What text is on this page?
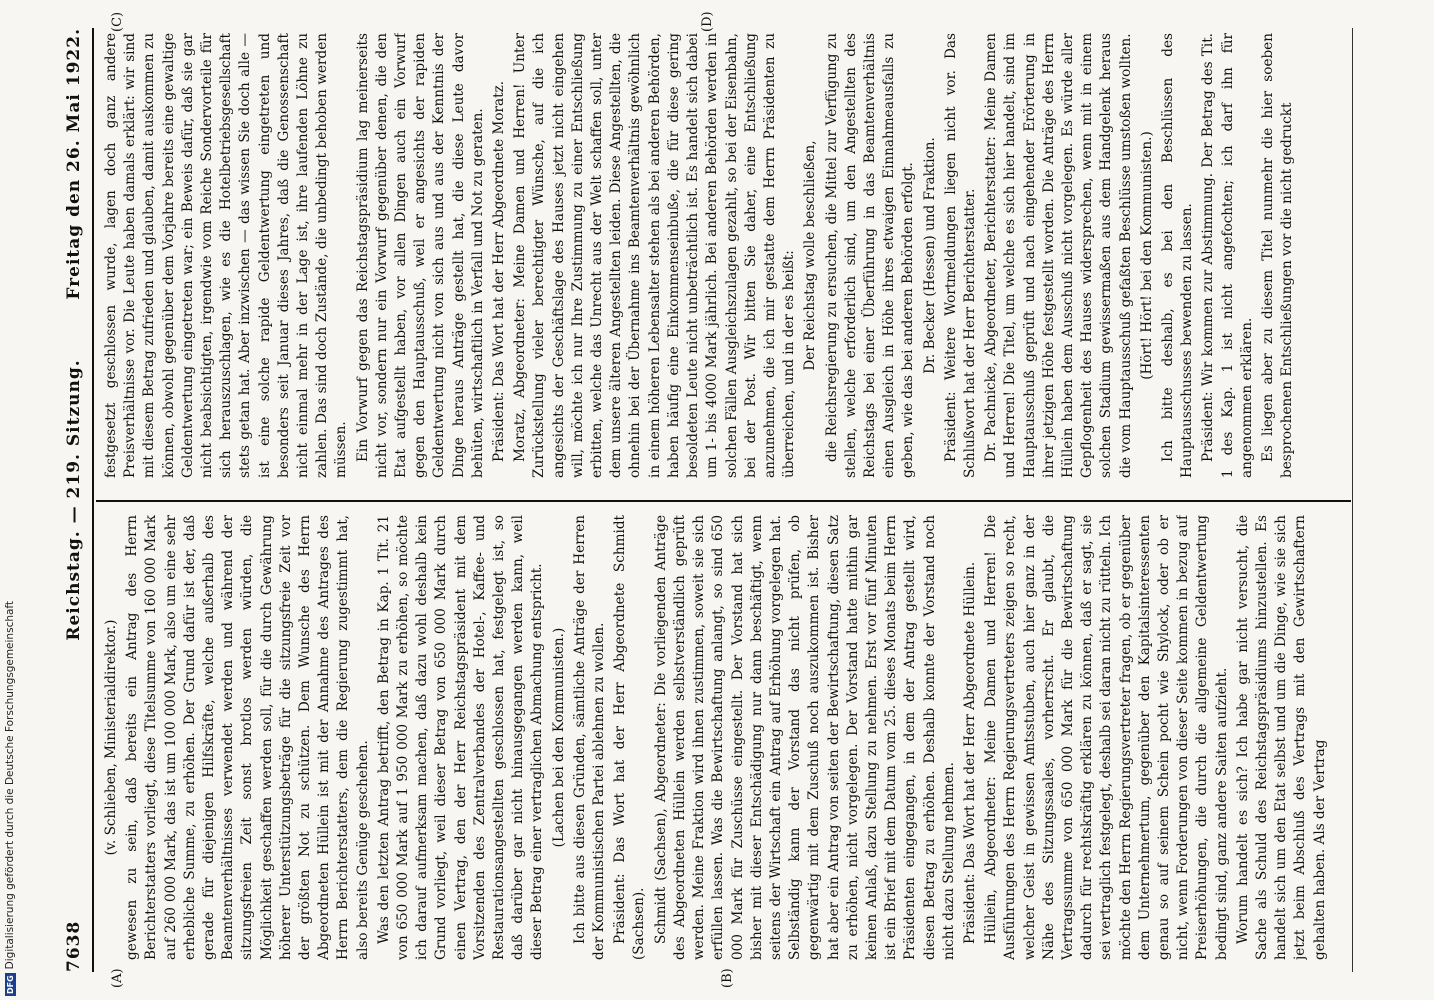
7638
Reichstag. — 219. Sitzung.
Freitag den 26. Mai 1922.
(A)	(B)
(C)	(D)

(v. Schlieben, Ministerialdirektor.) gewesen zu sein, daß bereits ein Antrag des Herrn Berichterstatters vorliegt, diese Titelsumme von 160 000 Mark auf 260 000 Mark, das ist um 100 000 Mark, also um eine sehr erhebliche Summe, zu erhöhen. Der Grund dafür ist der, daß gerade für diejenigen Hilfskräfte, welche außerhalb des Beamtenverhältnisses verwendet werden und während der sitzungsfreien Zeit sonst brotlos werden würden, die Möglichkeit geschaffen werden soll, für die durch Gewährung höherer Unterstützungsbeträge für die sitzungsfreie Zeit vor der größten Not zu schützen. Dem Wunsche des Herrn Abgeordneten Hüllein ist mit der Annahme des Antrages des Herrn Berichterstatters, dem die Regierung zugestimmt hat, also bereits Genüge geschehen. Was den letzten Antrag betrifft, den Betrag in Kap. 1 Tit. 21 von 650 000 Mark auf 1 950 000 Mark zu erhöhen, so möchte ich darauf aufmerksam machen, daß dazu wohl deshalb kein Grund vorliegt, weil dieser Betrag von 650 000 Mark durch einen Vertrag, den der Herr Reichstagspräsident mit dem Vorsitzenden des Zentralverbandes der Hotel-, Kaffee- und Restaurationsangestellten geschlossen hat, festgelegt ist, so daß darüber gar nicht hinausgegangen werden kann, weil dieser Betrag einer vertraglichen Abmachung entspricht. (Lachen bei den Kommunisten.) Ich bitte aus diesen Gründen, sämtliche Anträge der Herren der Kommunistischen Partei ablehnen zu wollen. Präsident: Das Wort hat der Herr Abgeordnete Schmidt (Sachsen). Schmidt (Sachsen), Abgeordneter: Die vorliegenden Anträge des Abgeordneten Hüllein werden selbstverständlich geprüft werden. Meine Fraktion wird ihnen zustimmen, soweit sie sich erfüllen lassen. Was die Bewirtschaftung anlangt, so sind 650 000 Mark für Zuschüsse eingestellt. Der Vorstand hat sich bisher mit dieser Entschädigung nur dann beschäftigt, wenn seitens der Wirtschaft ein Antrag auf Erhöhung vorgelegen hat. Selbständig kann der Vorstand das nicht prüfen, ob gegenwärtig mit dem Zuschuß noch auszukommen ist. Bisher hat aber ein Antrag von seiten der Bewirtschaftung, diesen Satz zu erhöhen, nicht vorgelegen. Der Vorstand hatte mithin gar keinen Anlaß, dazu Stellung zu nehmen. Erst vor fünf Minuten ist ein Brief mit dem Datum vom 25. dieses Monats beim Herrn Präsidenten eingegangen, in dem der Antrag gestellt wird, diesen Betrag zu erhöhen. Deshalb konnte der Vorstand noch nicht dazu Stellung nehmen. Präsident: Das Wort hat der Herr Abgeordnete Hüllein. Hüllein, Abgeordneter: Meine Damen und Herren! Die Ausführungen des Herrn Regierungsvertreters zeigen so recht, welcher Geist in gewissen Amtsstuben, auch hier ganz in der Nähe des Sitzungssaales, vorherrscht. Er glaubt, die Vertragssumme von 650 000 Mark für die Bewirtschaftung dadurch für rechtskräftig erklären zu können, daß er sagt, sie sei vertraglich festgelegt, deshalb sei daran nicht zu rütteln. Ich möchte den Herrn Regierungsvertreter fragen, ob er gegenüber dem Unternehmertum, gegenüber den Kapitalsinteressenten genau so auf seinem Schein pocht wie Shylock, oder ob er nicht, wenn Forderungen von dieser Seite kommen in bezug auf Preiserhöhungen, die durch die allgemeine Geldentwertung bedingt sind, ganz andere Saiten aufzieht. Worum handelt es sich? Ich habe gar nicht versucht, die Sache als Schuld des Reichstagspräsidiums hinzustellen. Es handelt sich um den Etat selbst und um die Dinge, wie sie sich jetzt beim Abschluß des Vertrags mit den Gewirtschaftern gehalten haben. Als der Vertrag

festgesetzt geschlossen wurde, lagen doch ganz andere Preisverhältnisse vor. Die Leute haben damals erklärt: wir sind mit diesem Betrag zufrieden und glauben, damit auskommen zu können, obwohl gegenüber dem Vorjahre bereits eine gewaltige Geldentwertung eingetreten war; ein Beweis dafür, daß sie gar nicht beabsichtigten, irgendwie vom Reiche Sondervorteile für sich herauszuschlagen, wie es die Hotelbetriebsgesellschaft stets getan hat. Aber inzwischen — das wissen Sie doch alle — ist eine solche rapide Geldentwertung eingetreten und besonders seit Januar dieses Jahres, daß die Genossenschaft nicht einmal mehr in der Lage ist, ihre laufenden Löhne zu zahlen. Das sind doch Zustände, die unbedingt behoben werden müssen. Ein Vorwurf gegen das Reichstagspräsidium lag meinerseits nicht vor, sondern nur ein Vorwurf gegenüber denen, die den Etat aufgestellt haben, vor allen Dingen auch ein Vorwurf gegen den Hauptausschuß, weil er angesichts der rapiden Geldentwertung nicht von sich aus und aus der Kenntnis der Dinge heraus Anträge gestellt hat, die diese Leute davor behüten, wirtschaftlich in Verfall und Not zu geraten. Präsident: Das Wort hat der Herr Abgeordnete Moratz. Moratz, Abgeordneter: Meine Damen und Herren! Unter Zurückstellung vieler berechtigter Wünsche, auf die ich angesichts der Geschäftslage des Hauses jetzt nicht eingehen will, möchte ich nur Ihre Zustimmung zu einer Entschließung erbitten, welche das Unrecht aus der Welt schaffen soll, unter dem unsere älteren Angestellten leiden. Diese Angestellten, die ohnehin bei der Übernahme ins Beamtenverhältnis gewöhnlich in einem höheren Lebensalter stehen als bei anderen Behörden, haben häufig eine Einkommenseinbuße, die für diese gering besoldeten Leute nicht unbeträchtlich ist. Es handelt sich dabei um 1- bis 4000 Mark jährlich. Bei anderen Behörden werden in solchen Fällen Ausgleichszulagen gezahlt, so bei der Eisenbahn, bei der Post. Wir bitten Sie daher, eine Entschließung anzunehmen, die ich mir gestatte dem Herrn Präsidenten zu überreichen, und in der es heißt: Der Reichstag wolle beschließen, die Reichsregierung zu ersuchen, die Mittel zur Verfügung zu stellen, welche erforderlich sind, um den Angestellten des Reichstags bei einer Überführung in das Beamtenverhältnis einen Ausgleich in Höhe ihres etwaigen Einnahmeausfalls zu geben, wie das bei anderen Behörden erfolgt. Dr. Becker (Hessen) und Fraktion. Präsident: Weitere Wortmeldungen liegen nicht vor. Das Schlußwort hat der Herr Berichterstatter. Dr. Pachnicke, Abgeordneter, Berichterstatter: Meine Damen und Herren! Die Titel, um welche es sich hier handelt, sind im Hauptausschuß geprüft und nach eingehender Erörterung in ihrer jetzigen Höhe festgestellt worden. Die Anträge des Herrn Hüllein haben dem Ausschuß nicht vorgelegen. Es würde aller Gepflogenheit des Hauses widersprechen, wenn mit in einem solchen Stadium gewissermaßen aus dem Handgelenk heraus die vom Hauptausschuß gefaßten Beschlüsse umstoßen wollten. (Hört! Hört! bei den Kommunisten.) Ich bitte deshalb, es bei den Beschlüssen des Hauptausschusses bewenden zu lassen. Präsident: Wir kommen zur Abstimmung. Der Betrag des Tit. 1 des Kap. 1 ist nicht angefochten; ich darf ihn für angenommen erklären. Es liegen aber zu diesem Titel nunmehr die hier soeben besprochenen Entschließungen vor die nicht gedruckt

DFGDigitalisierung gefördert durch die Deutsche Forschungsgemeinschaft
